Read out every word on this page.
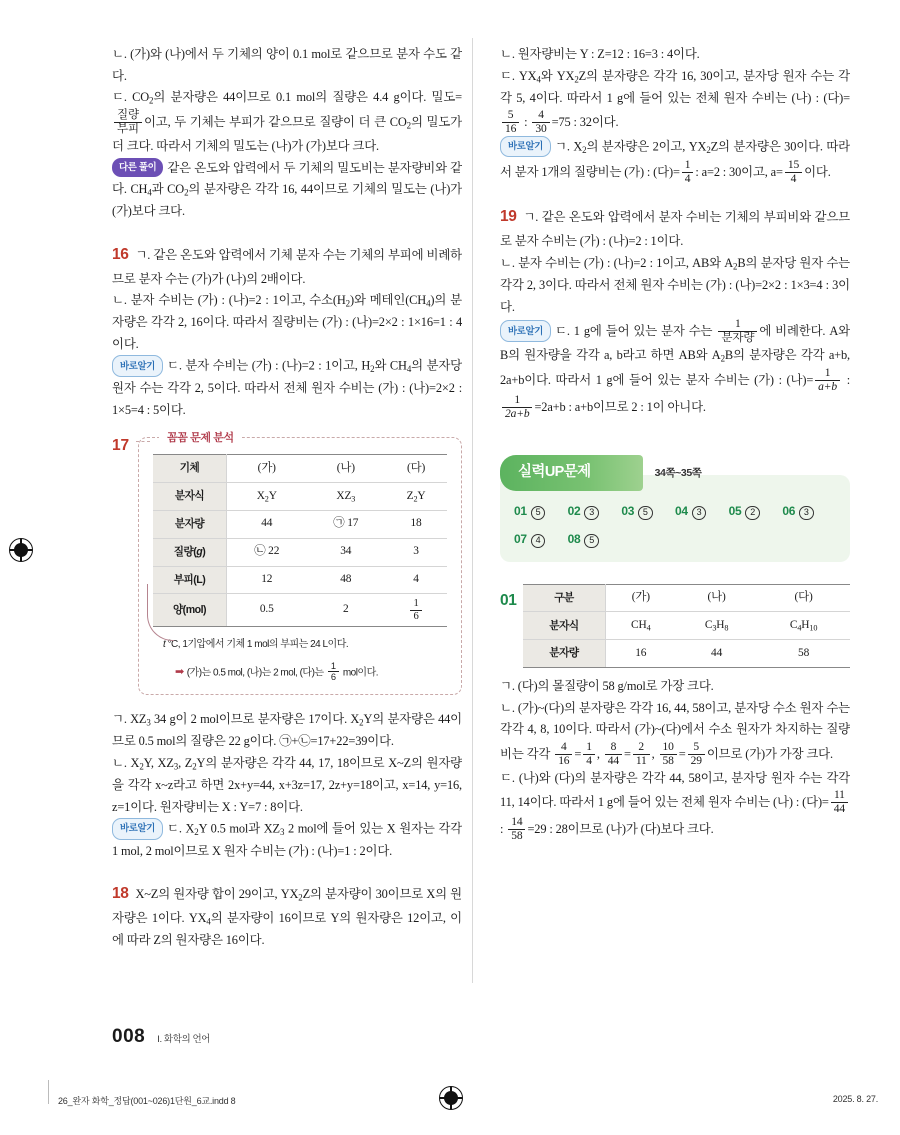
ㄴ. (가)와 (나)에서 두 기체의 양이 0.1 mol로 같으므로 분자 수도 같다.
ㄷ. $CO_2$의 분자량은 44이므로 0.1 mol의 질량은 4.4 g이다. 밀도=
$\frac{\text{질량}}{\text{부피}}$ 이고, 두 기체는 부피가 같으므로 질량이 더 큰 $CO_2$의 밀도가 더 크다. 따라서 기체의 밀도는 (나)가 (가)보다 크다.
다른 풀이 같은 온도와 압력에서 두 기체의 밀도비는 분자량비와 같다. $CH_4$과 $CO_2$의 분자량은 각각 16, 44이므로 기체의 밀도는 (나)가 (가)보다 크다.
16 ㄱ. 같은 온도와 압력에서 기체 분자 수는 기체의 부피에 비례하므로 분자 수는 (가)가 (나)의 2배이다.
ㄴ. 분자 수비는 (가) : (나)=2 : 1이고, 수소$(H_2)$와 메테인$(CH_4)$의 분자량은 각각 2, 16이다. 따라서 질량비는 (가) : (나)=2×2 : 1×16=1 : 4이다.
바로알기 ㄷ. 분자 수비는 (가) : (나)=2 : 1이고, $H_2$와 $CH_4$의 분자당 원자 수는 각각 2, 5이다. 따라서 전체 원자 수비는 (가) : (나)=2×2 : 1×5=4 : 5이다.
17	꼼꼼 문제 분석
기체	(가)	(나)	(다)
분자식	$X_2Y$	$XZ_3$	$Z_2Y$
분자량	44	㉠ 17	18
질량(g)	㉡ 22	34	3
부피(L)	12	48	4
양(mol)	0.5	2	$\frac{1}{6}$
t °C, 1기압에서 기체 1 mol의 부피는 24 L이다.
➡ (가)는 0.5 mol, (나)는 2 mol, (다)는 $\frac{1}{6}$ mol이다.
ㄱ. $XZ_3$ 34 g이 2 mol이므로 분자량은 17이다. $X_2Y$의 분자량은 44이므로 0.5 mol의 질량은 22 g이다. ㉠+㉡=17+22=39이다.
ㄴ. $X_2Y$, $XZ_3$, $Z_2Y$의 분자량은 각각 44, 17, 18이므로 X~Z의 원자량을 각각 x~z라고 하면 2x+y=44, x+3z=17, 2z+y=18이고, x=14, y=16, z=1이다. 원자량비는 X : Y=7 : 8이다.
바로알기 ㄷ. $X_2Y$ 0.5 mol과 $XZ_3$ 2 mol에 들어 있는 X 원자는 각각 1 mol, 2 mol이므로 X 원자 수비는 (가) : (나)=1 : 2이다.
18 X~Z의 원자량 합이 29이고, $YX_2Z$의 분자량이 30이므로 X의 원자량은 1이다. $YX_4$의 분자량이 16이므로 Y의 원자량은 12이고, 이에 따라 Z의 원자량은 16이다.
ㄴ. 원자량비는 Y : Z=12 : 16=3 : 4이다.
ㄷ. $YX_4$와 $YX_2Z$의 분자량은 각각 16, 30이고, 분자당 원자 수는 각각 5, 4이다. 따라서 1 g에 들어 있는 전체 원자 수비는 (나) : (다)=
$\frac{5}{16}$ : $\frac{4}{30} =75$ : 32이다.
바로알기 ㄱ. $X_2$의 분자량은 2이고, $YX_2Z$의 분자량은 30이다. 따라서 분자 1개의 질량비는 (가) : (다)= $\frac{1}{4}$ : a=2 : 30이고, $a= \frac{15}{4}$ 이다.
19 ㄱ. 같은 온도와 압력에서 분자 수비는 기체의 부피비와 같으므로 분자 수비는 (가) : (나)=2 : 1이다.
ㄴ. 분자 수비는 (가) : (나)=2 : 1이고, AB와 $A_2B$의 분자당 원자 수는 각각 2, 3이다. 따라서 전체 원자 수비는 (가) : (나)=2×2 : 1×3=4 : 3이다.
바로알기 ㄷ. 1 g에 들어 있는 분자 수는 $\frac{1}{\text{분자량}}$ 에 비례한다. A와 B의 원자량을 각각 a, b라고 하면 AB와 $A_2B$의 분자량은 각각 a+b, 2a+b이다. 따라서 1 g에 들어 있는 분자 수비는 (가) : (나)= $\frac{1}{a+b}$ :
$\frac{1}{2a+b} =2a+b$ : a+b이므로 2 : 1이 아니다.
실력UP문제	34쪽~35쪽
01 5	02 3	03 5	04 3	05 2	06 3
07 4	08 5
01	구분	(가)	(나)	(다)
분자식	$CH_4$	$C_3H_8$	$C_4H_{10}$
분자량	16	44	58
ㄱ. (다)의 몰질량이 58 g/mol로 가장 크다.
ㄴ. (가)~(다)의 분자량은 각각 16, 44, 58이고, 분자당 수소 원자 수는 각각 4, 8, 10이다. 따라서 (가)~(다)에서 수소 원자가 차지하는 질량비는 각각 $\frac{4}{16} = \frac{1}{4}$ , $\frac{8}{44} = \frac{2}{11}$ , $\frac{10}{58} = \frac{5}{29}$ 이므로 (가)가 가장 크다.
ㄷ. (나)와 (다)의 분자량은 각각 44, 58이고, 분자당 원자 수는 각각 11, 14이다. 따라서 1 g에 들어 있는 전체 원자 수비는 (나) : (다)= $\frac{11}{44}$
: $\frac{14}{58} =29$ : 28이므로 (나)가 (다)보다 크다.
008 I. 화학의 언어
26_완자 화학_정답(001~026)1단원_6교.indd 8	2025. 8. 27.
